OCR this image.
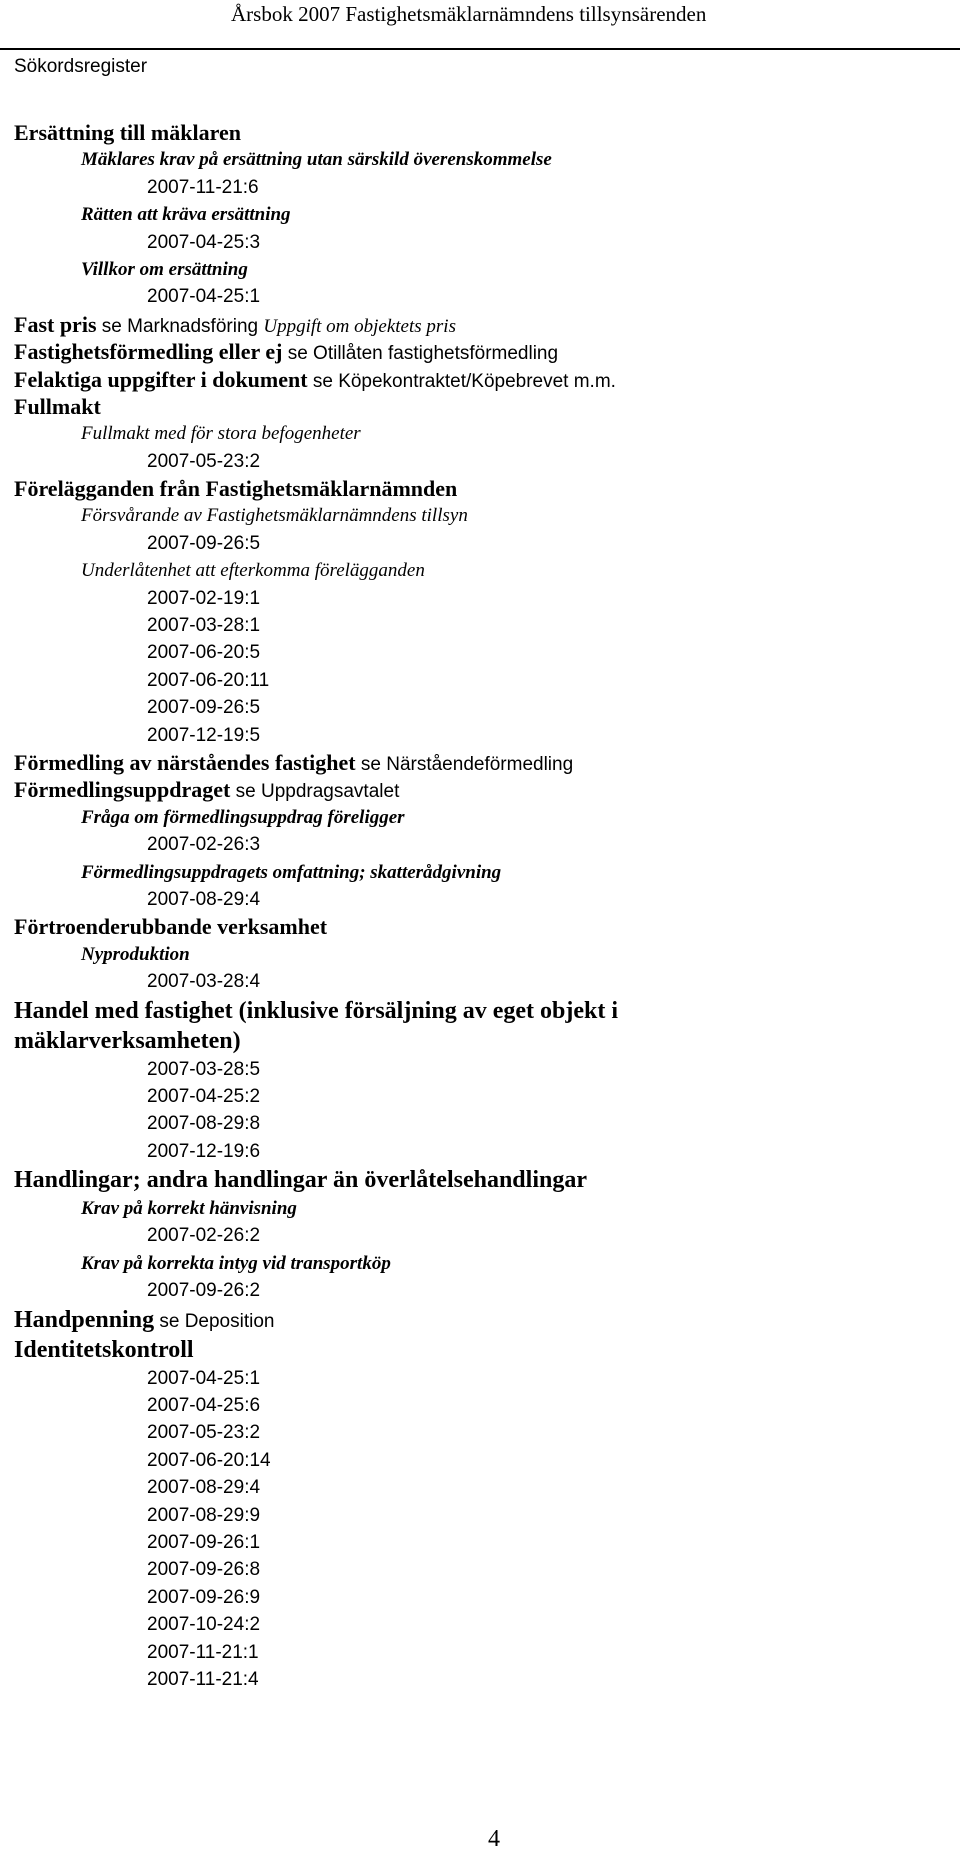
Årsbok 2007 Fastighetsmäklarnämndens tillsynsärenden
Sökordsregister
Ersättning till mäklaren
Mäklares krav på ersättning utan särskild överenskommelse
2007-11-21:6
Rätten att kräva ersättning
2007-04-25:3
Villkor om ersättning
2007-04-25:1
Fast pris se Marknadsföring Uppgift om objektets pris
Fastighetsförmedling eller ej se Otillåten fastighetsförmedling
Felaktiga uppgifter i dokument se Köpekontraktet/Köpebrevet m.m.
Fullmakt
Fullmakt med för stora befogenheter
2007-05-23:2
Förelägganden från Fastighetsmäklarnämnden
Försvårande av Fastighetsmäklarnämndens tillsyn
2007-09-26:5
Underlåtenhet att efterkomma förelägganden
2007-02-19:1
2007-03-28:1
2007-06-20:5
2007-06-20:11
2007-09-26:5
2007-12-19:5
Förmedling av närståendes fastighet se Närståendeförmedling
Förmedlingsuppdraget se Uppdragsavtalet
Fråga om förmedlingsuppdrag föreligger
2007-02-26:3
Förmedlingsuppdragets omfattning; skatterådgivning
2007-08-29:4
Förtroenderubbande verksamhet
Nyproduktion
2007-03-28:4
Handel med fastighet (inklusive försäljning av eget objekt i
mäklarverksamheten)
2007-03-28:5
2007-04-25:2
2007-08-29:8
2007-12-19:6
Handlingar; andra handlingar än överlåtelsehandlingar
Krav på korrekt hänvisning
2007-02-26:2
Krav på korrekta intyg vid transportköp
2007-09-26:2
Handpenning se Deposition
Identitetskontroll
2007-04-25:1
2007-04-25:6
2007-05-23:2
2007-06-20:14
2007-08-29:4
2007-08-29:9
2007-09-26:1
2007-09-26:8
2007-09-26:9
2007-10-24:2
2007-11-21:1
2007-11-21:4
4
